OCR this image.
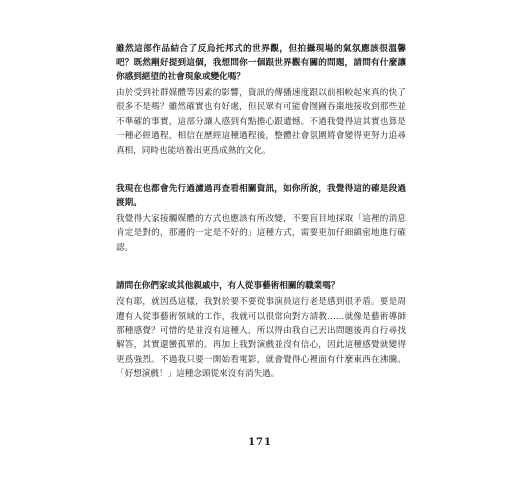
雖然這部作品結合了反烏托邦式的世界觀，但拍攝現場的氣氛應該很溫馨吧？既然剛好提到這個，我想問你一個跟世界觀有關的問題，請問有什麼讓你感到絕望的社會現象或變化嗎？

由於受到社群媒體等因素的影響，資訊的傳播速度跟以前相較起來真的快了很多不是嗎？雖然確實也有好處，但民眾有可能會囫圇吞棗地接收到那些並不準確的事實，這部分讓人感到有點擔心跟遺憾。不過我覺得這其實也算是一種必經過程，相信在歷經這種過程後，整體社會氛圍將會變得更努力追尋真相，同時也能培養出更爲成熟的文化。

我現在也都會先行過濾過再查看相關資訊，如你所說，我覺得這的確是段過渡期。

我覺得大家接觸媒體的方式也應該有所改變，不要盲目地採取「這裡的消息肯定是對的，那邊的一定是不好的」這種方式，需要更加仔細縝密地進行確認。

請問在你們家或其他親戚中，有人從事藝術相關的職業嗎？

沒有耶，就因爲這樣，我對於要不要從事演員這行老是感到很矛盾。要是周遭有人從事藝術領域的工作，我就可以很常向對方請教……就像是藝術導師那種感覺？可惜的是並沒有這種人，所以得由我自己丟出問題後再自行尋找解答，其實還蠻孤單的。再加上我對演戲並沒有信心，因此這種感覺就變得更爲強烈。不過我只要一開始看電影，就會覺得心裡面有什麼東西在沸騰。「好想演戲！」這種念頭從來沒有消失過。

171
